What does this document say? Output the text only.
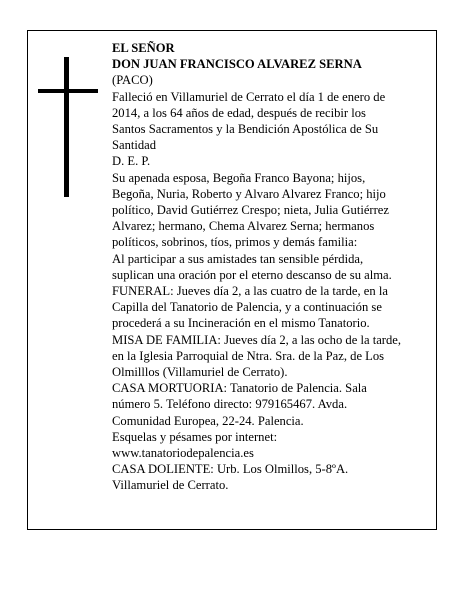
EL SEÑOR

DON JUAN FRANCISCO ALVAREZ SERNA

(PACO)

Falleció en Villamuriel de Cerrato el día 1 de enero de 2014, a los 64 años de edad, después de recibir los Santos Sacramentos y la Bendición Apostólica de Su Santidad

D. E. P.

Su apenada esposa, Begoña Franco Bayona; hijos, Begoña, Nuria, Roberto y Alvaro Alvarez Franco; hijo político, David Gutiérrez Crespo; nieta, Julia Gutiérrez Alvarez; hermano, Chema Alvarez Serna; hermanos políticos, sobrinos, tíos, primos y demás familia:

Al participar a sus amistades tan sensible pérdida, suplican una oración por el eterno descanso de su alma.

FUNERAL: Jueves día 2, a las cuatro de la tarde, en la Capilla del Tanatorio de Palencia, y a continuación se procederá a su Incineración en el mismo Tanatorio.

MISA DE FAMILIA: Jueves día 2, a las ocho de la tarde, en la Iglesia Parroquial de Ntra. Sra. de la Paz, de Los Olmilllos (Villamuriel de Cerrato).

CASA MORTUORIA: Tanatorio de Palencia. Sala número 5. Teléfono directo: 979165467. Avda. Comunidad Europea, 22-24. Palencia.

Esquelas y pésames por internet: www.tanatoriodepalencia.es

CASA DOLIENTE: Urb. Los Olmillos, 5-8ºA. Villamuriel de Cerrato.
